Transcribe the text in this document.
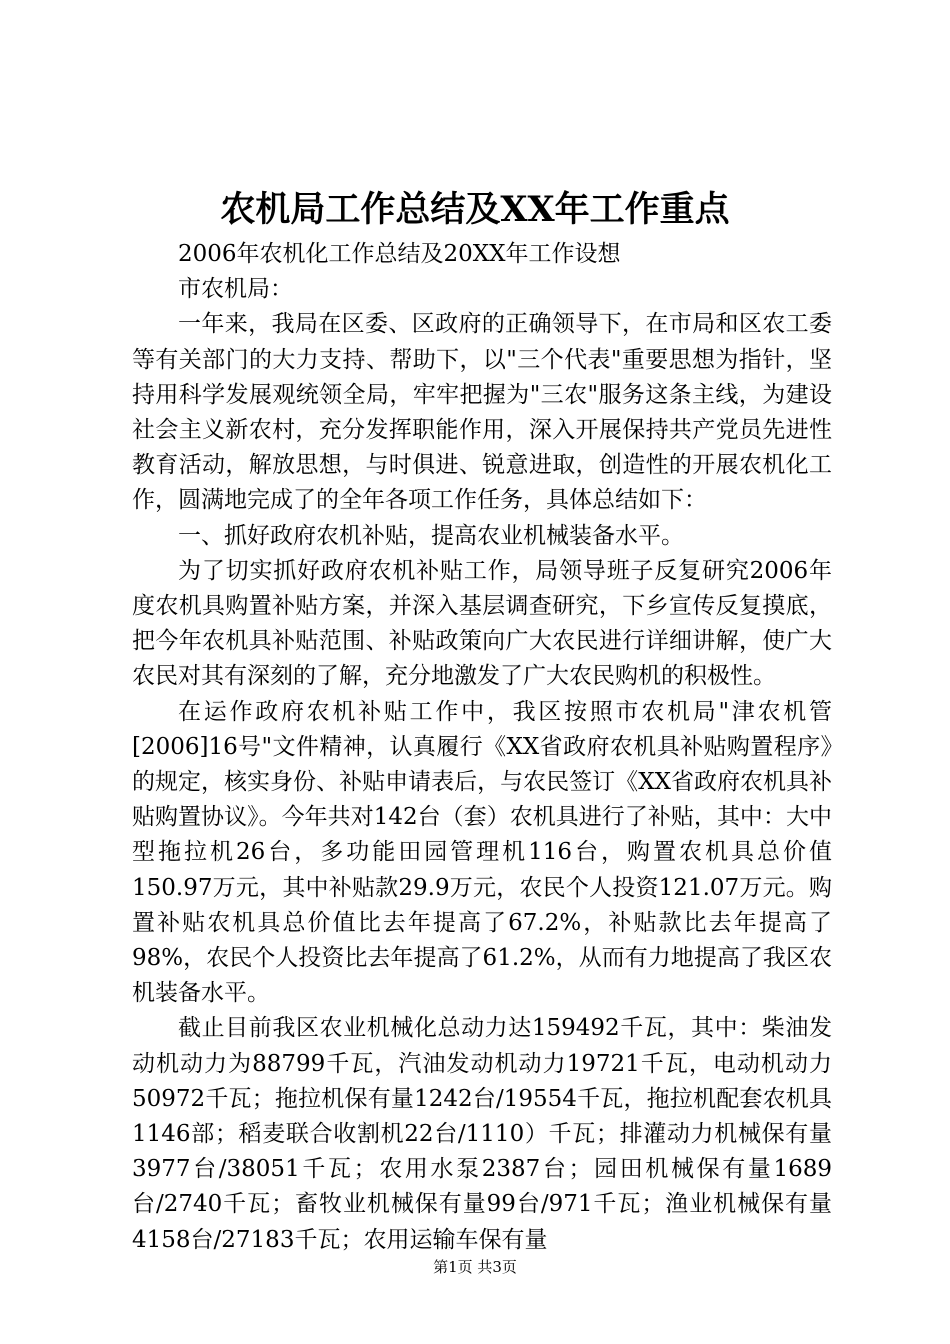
农机局工作总结及XX年工作重点

2006年农机化工作总结及20XX年工作设想

市农机局：

一年来，我局在区委、区政府的正确领导下，在市局和区农工委等有关部门的大力支持、帮助下，以"三个代表"重要思想为指针，坚持用科学发展观统领全局，牢牢把握为"三农"服务这条主线，为建设社会主义新农村，充分发挥职能作用，深入开展保持共产党员先进性教育活动，解放思想，与时俱进、锐意进取，创造性的开展农机化工作，圆满地完成了的全年各项工作任务，具体总结如下：

一、抓好政府农机补贴，提高农业机械装备水平。

为了切实抓好政府农机补贴工作，局领导班子反复研究2006年度农机具购置补贴方案，并深入基层调查研究，下乡宣传反复摸底，把今年农机具补贴范围、补贴政策向广大农民进行详细讲解，使广大农民对其有深刻的了解，充分地激发了广大农民购机的积极性。

在运作政府农机补贴工作中，我区按照市农机局"津农机管[2006]16号"文件精神，认真履行《XX省政府农机具补贴购置程序》的规定，核实身份、补贴申请表后，与农民签订《XX省政府农机具补贴购置协议》。今年共对142台（套）农机具进行了补贴，其中：大中型拖拉机26台，多功能田园管理机116台，购置农机具总价值150.97万元，其中补贴款29.9万元，农民个人投资121.07万元。购置补贴农机具总价值比去年提高了67.2%，补贴款比去年提高了98%，农民个人投资比去年提高了61.2%，从而有力地提高了我区农机装备水平。

截止目前我区农业机械化总动力达159492千瓦，其中：柴油发动机动力为88799千瓦，汽油发动机动力19721千瓦，电动机动力50972千瓦；拖拉机保有量1242台/19554千瓦，拖拉机配套农机具1146部；稻麦联合收割机22台/1110）千瓦；排灌动力机械保有量3977台/38051千瓦；农用水泵2387台；园田机械保有量1689台/2740千瓦；畜牧业机械保有量99台/971千瓦；渔业机械保有量4158台/27183千瓦；农用运输车保有量

第1页 共3页
